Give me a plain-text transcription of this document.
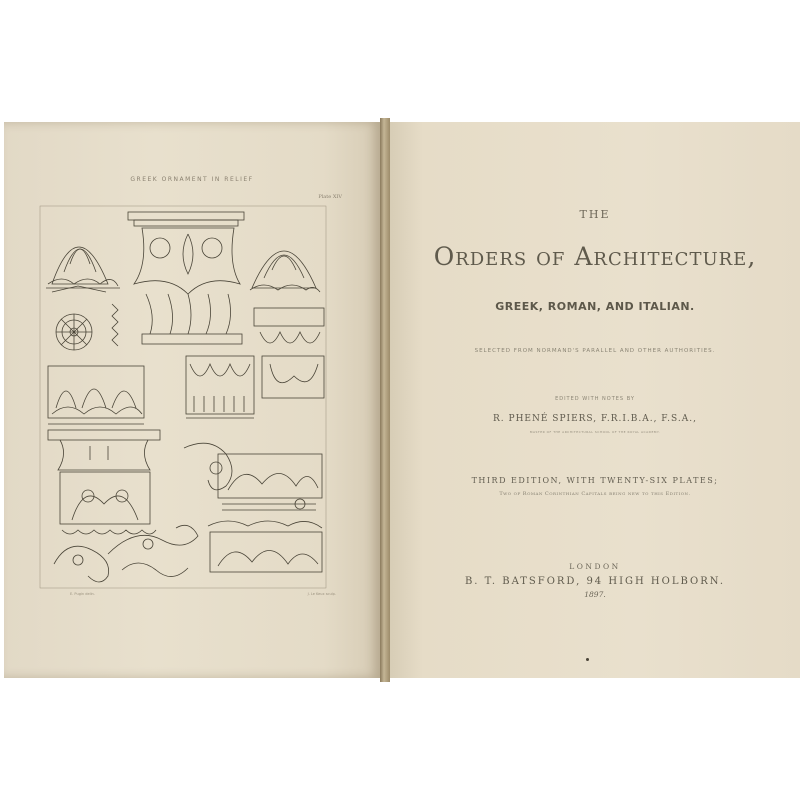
GREEK ORNAMENT IN RELIEF
Plate XIV
E. Pugin delin.	J. Le Keux sculp.
THE
Orders of Architecture,
GREEK, ROMAN, AND ITALIAN.
SELECTED FROM NORMAND'S PARALLEL AND OTHER AUTHORITIES.
EDITED WITH NOTES BY
R. PHENÉ SPIERS, F.R.I.B.A., F.S.A.,
MASTER OF THE ARCHITECTURAL SCHOOL OF THE ROYAL ACADEMY.
THIRD EDITION, WITH TWENTY-SIX PLATES;
Two of Roman Corinthian Capitals being new to this Edition.
LONDON
B. T. BATSFORD, 94 HIGH HOLBORN.
1897.
